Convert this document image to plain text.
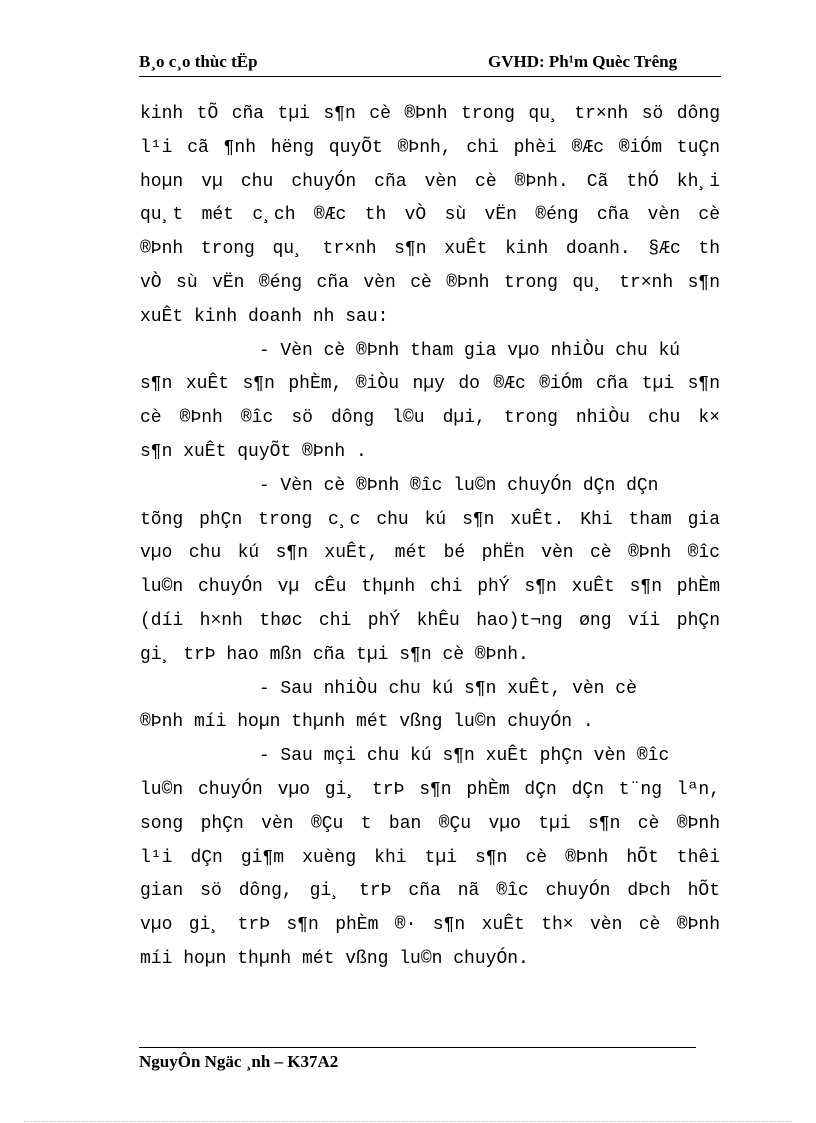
B¸o c¸o thùc tËp	GVHD: Ph¹m Quèc Trêng
kinh tÕ cña tµi s¶n cè ®Þnh trong qu¸ tr×nh sö dông
l¹i cã ¶nh hëng quyÕt ®Þnh, chi phèi ®Æc ®iÓm tuÇn
hoµn vµ chu chuyÓn cña vèn cè ®Þnh. Cã thÓ kh¸i
qu¸t mét c¸ch ®Æc th vÒ sù vËn ®éng cña vèn cè
®Þnh trong qu¸ tr×nh s¶n xuÊt kinh doanh. §Æc th
vÒ sù vËn ®éng cña vèn cè ®Þnh trong qu¸ tr×nh s¶n
xuÊt kinh doanh nh sau:
- Vèn cè ®Þnh tham gia vµo nhiÒu chu kú
s¶n xuÊt s¶n phÈm, ®iÒu nµy do ®Æc ®iÓm cña tµi s¶n
cè ®Þnh ®îc sö dông l©u dµi, trong nhiÒu chu k×
s¶n xuÊt quyÕt ®Þnh .
- Vèn cè ®Þnh ®îc lu©n chuyÓn dÇn dÇn
tõng phÇn trong c¸c chu kú s¶n xuÊt. Khi tham gia
vµo chu kú s¶n xuÊt, mét bé phËn vèn cè ®Þnh ®îc
lu©n chuyÓn vµ cÊu thµnh chi phÝ s¶n xuÊt s¶n phÈm
(díi h×nh thøc chi phÝ khÊu hao)t¬ng øng víi phÇn
gi¸ trÞ hao mßn cña tµi s¶n cè ®Þnh.
- Sau nhiÒu chu kú s¶n xuÊt, vèn cè
®Þnh míi hoµn thµnh mét vßng lu©n chuyÓn .
- Sau mçi chu kú s¶n xuÊt phÇn vèn ®îc
lu©n chuyÓn vµo gi¸ trÞ s¶n phÈm dÇn dÇn t¨ng lªn,
song phÇn vèn ®Çu t ban ®Çu vµo tµi s¶n cè ®Þnh
l¹i dÇn gi¶m xuèng khi tµi s¶n cè ®Þnh hÕt thêi
gian sö dông, gi¸ trÞ cña nã ®îc chuyÓn dÞch hÕt
vµo gi¸ trÞ s¶n phÈm ®· s¶n xuÊt th× vèn cè ®Þnh
míi hoµn thµnh mét vßng lu©n chuyÓn.
NguyÔn Ngäc ¸nh – K37A2
